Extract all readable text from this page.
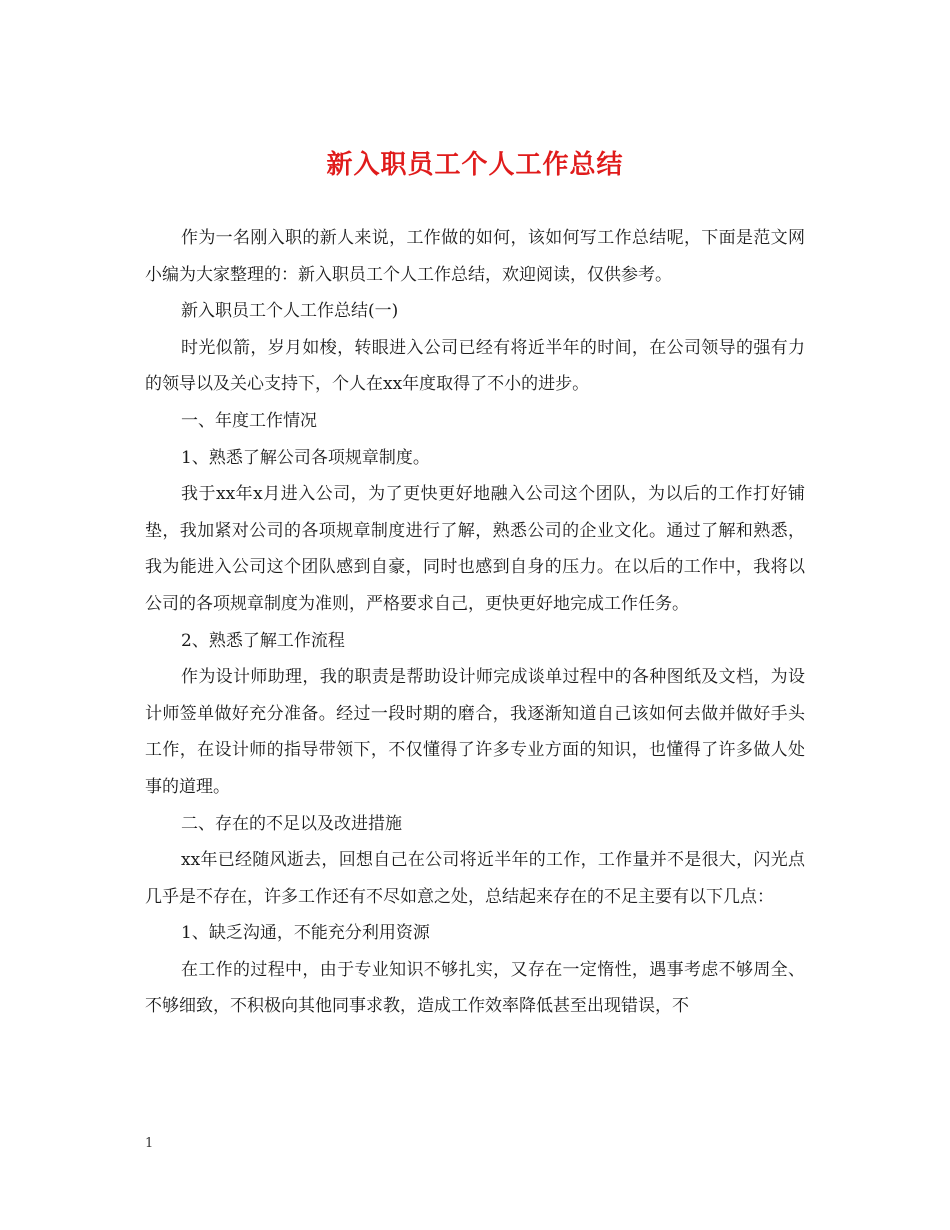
新入职员工个人工作总结

作为一名刚入职的新人来说，工作做的如何，该如何写工作总结呢，下面是范文网小编为大家整理的：新入职员工个人工作总结，欢迎阅读，仅供参考。

新入职员工个人工作总结(一)

时光似箭，岁月如梭，转眼进入公司已经有将近半年的时间，在公司领导的强有力的领导以及关心支持下，个人在xx年度取得了不小的进步。

一、年度工作情况

1、熟悉了解公司各项规章制度。

我于xx年x月进入公司，为了更快更好地融入公司这个团队，为以后的工作打好铺垫，我加紧对公司的各项规章制度进行了解，熟悉公司的企业文化。通过了解和熟悉，我为能进入公司这个团队感到自豪，同时也感到自身的压力。在以后的工作中，我将以公司的各项规章制度为准则，严格要求自己，更快更好地完成工作任务。

2、熟悉了解工作流程

作为设计师助理，我的职责是帮助设计师完成谈单过程中的各种图纸及文档，为设计师签单做好充分准备。经过一段时期的磨合，我逐渐知道自己该如何去做并做好手头工作，在设计师的指导带领下，不仅懂得了许多专业方面的知识，也懂得了许多做人处事的道理。

二、存在的不足以及改进措施

xx年已经随风逝去，回想自己在公司将近半年的工作，工作量并不是很大，闪光点几乎是不存在，许多工作还有不尽如意之处，总结起来存在的不足主要有以下几点：

1、缺乏沟通，不能充分利用资源

在工作的过程中，由于专业知识不够扎实，又存在一定惰性，遇事考虑不够周全、不够细致，不积极向其他同事求教，造成工作效率降低甚至出现错误，不

1
